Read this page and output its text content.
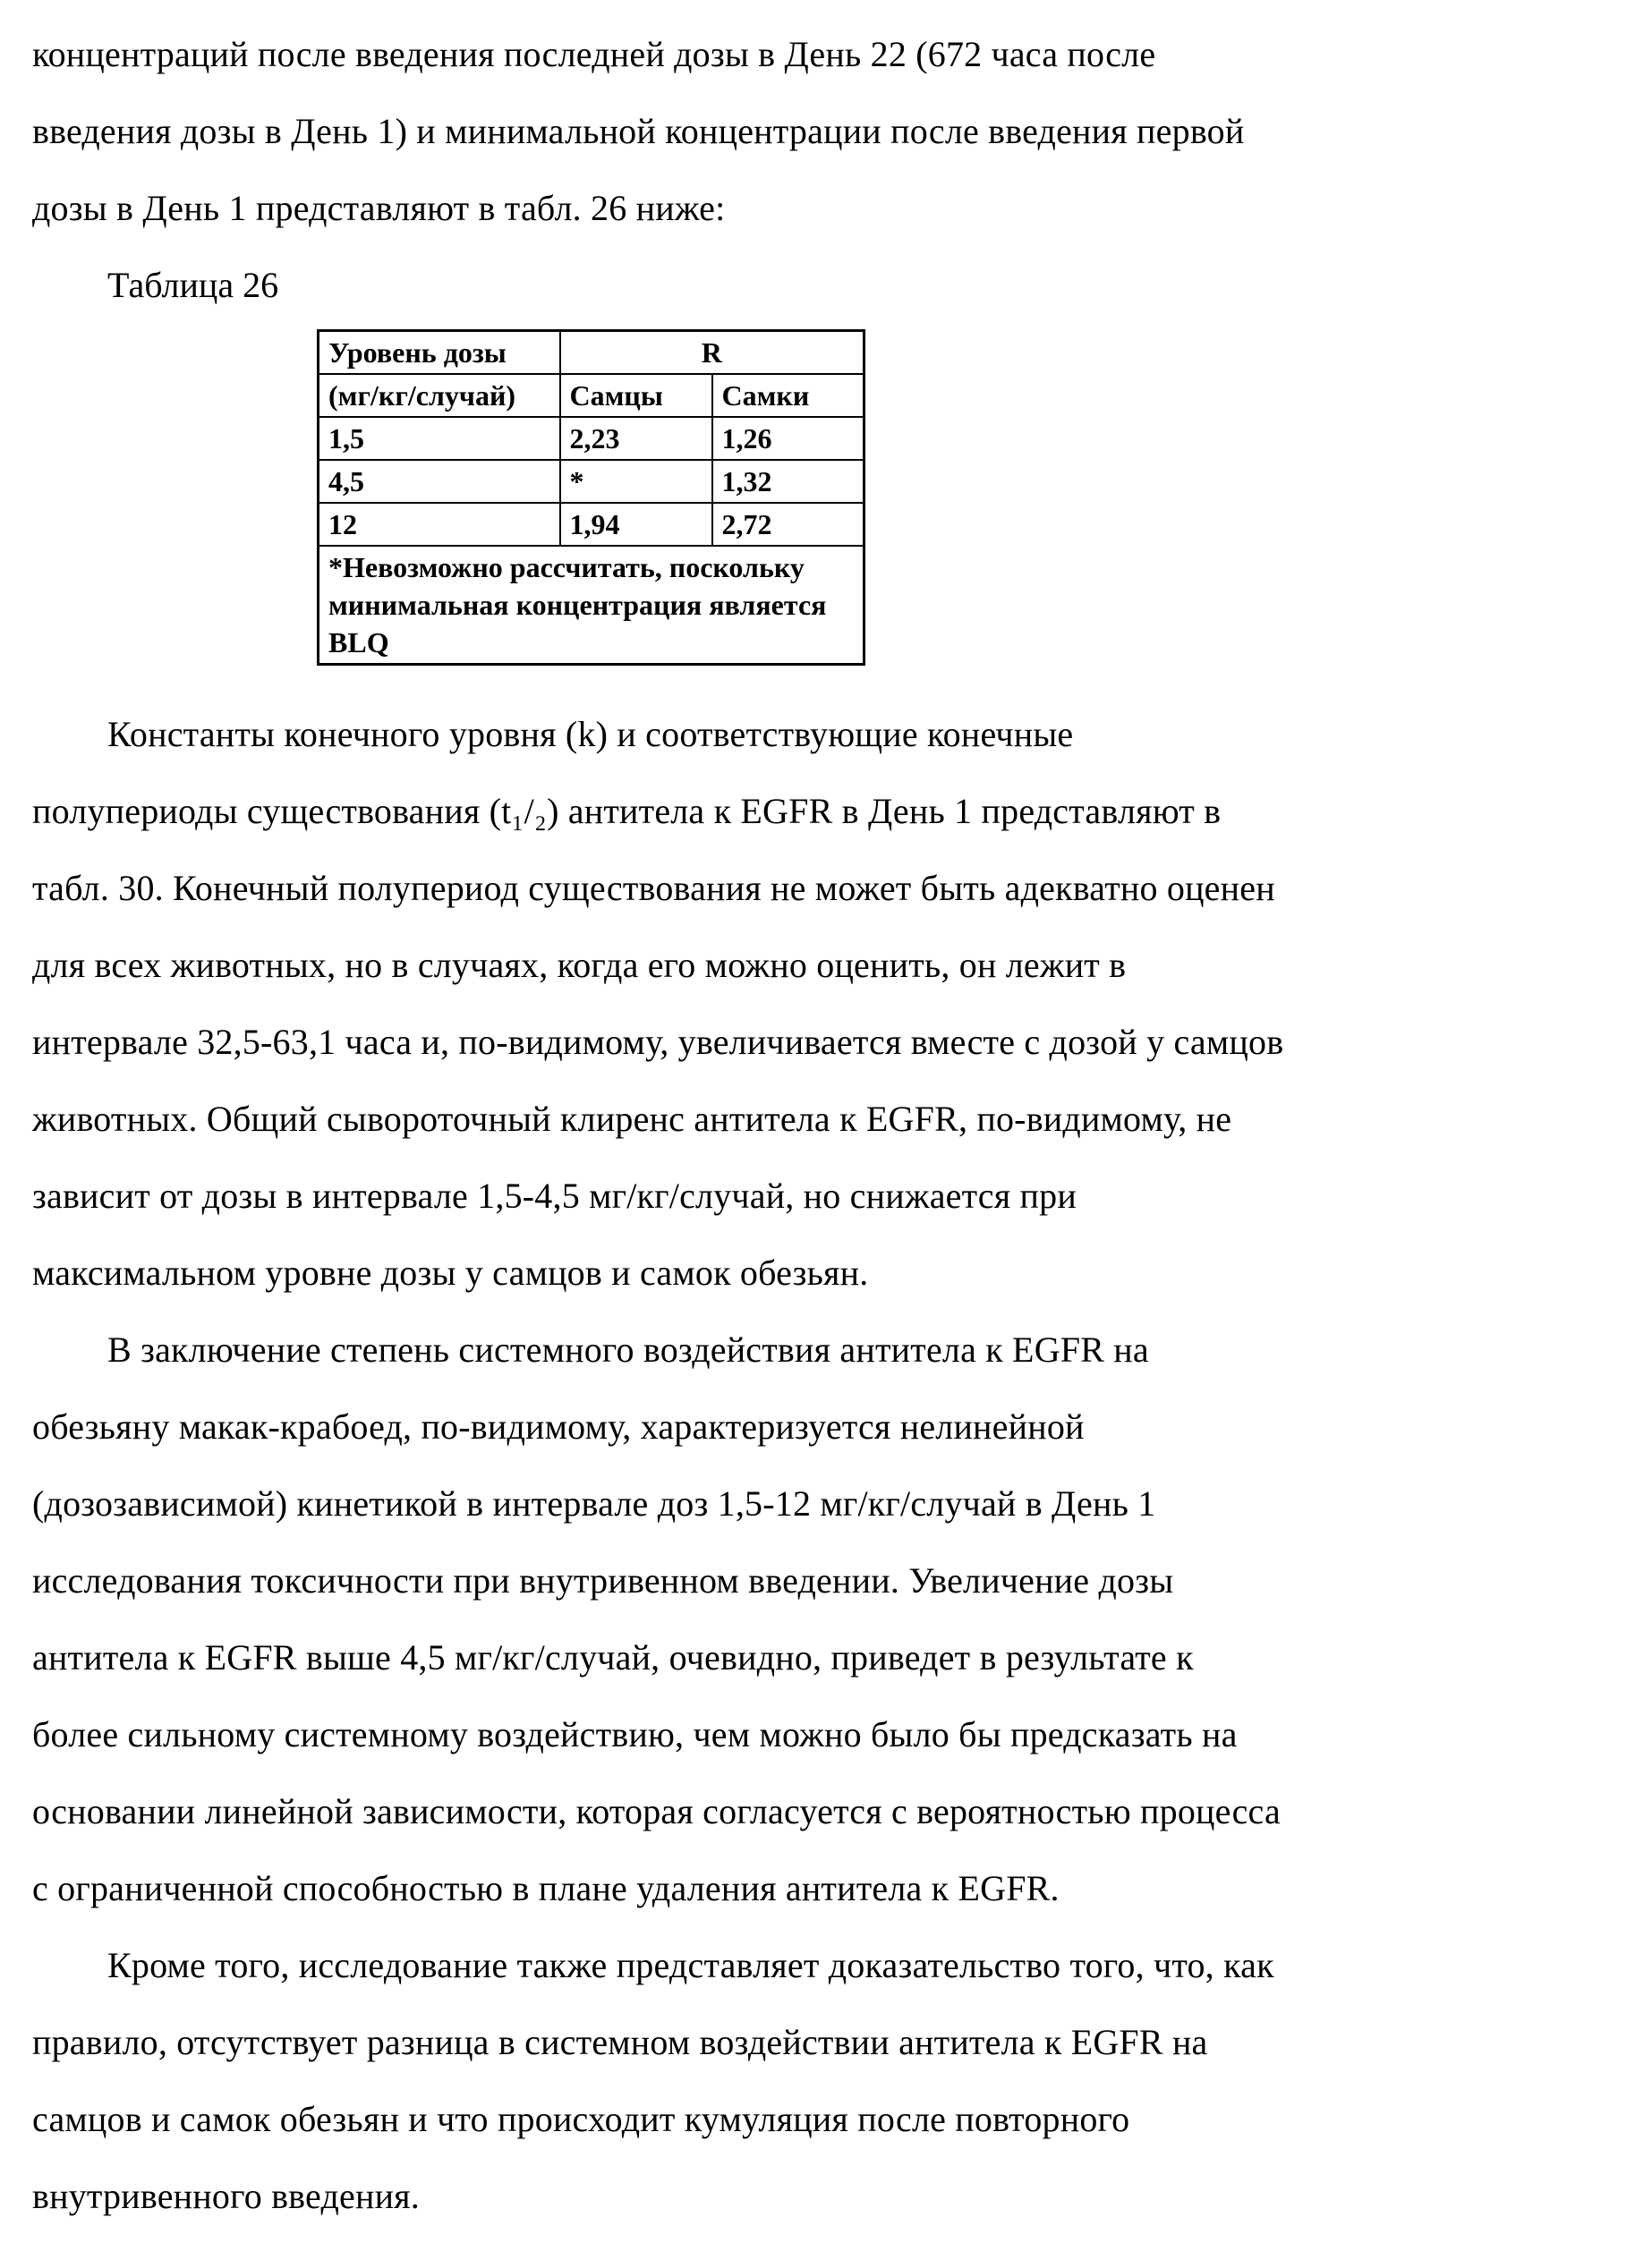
концентраций после введения последней дозы в День 22 (672 часа после
введения дозы в День 1) и минимальной концентрации после введения первой
дозы в День 1 представляют в табл. 26 ниже:
Таблица 26
Уровень дозы	R	
(мг/кг/случай)	Самцы	Самки
1,5	2,23	1,26
4,5	*	1,32
12	1,94	2,72

*Невозможно рассчитать, поскольку
минимальная концентрация является
BLQ		
Константы конечного уровня (k) и соответствующие конечные
полупериоды существования (t₁/₂) антитела к EGFR в День 1 представляют в
табл. 30. Конечный полупериод существования не может быть адекватно оценен
для всех животных, но в случаях, когда его можно оценить, он лежит в
интервале 32,5-63,1 часа и, по-видимому, увеличивается вместе с дозой у самцов
животных. Общий сывороточный клиренс антитела к EGFR, по-видимому, не
зависит от дозы в интервале 1,5-4,5 мг/кг/случай, но снижается при
максимальном уровне дозы у самцов и самок обезьян.
В заключение степень системного воздействия антитела к EGFR на
обезьяну макак-крабоед, по-видимому, характеризуется нелинейной
(дозозависимой) кинетикой в интервале доз 1,5-12 мг/кг/случай в День 1
исследования токсичности при внутривенном введении. Увеличение дозы
антитела к EGFR выше 4,5 мг/кг/случай, очевидно, приведет в результате к
более сильному системному воздействию, чем можно было бы предсказать на
основании линейной зависимости, которая согласуется с вероятностью процесса
с ограниченной способностью в плане удаления антитела к EGFR.
Кроме того, исследование также представляет доказательство того, что, как
правило, отсутствует разница в системном воздействии антитела к EGFR на
самцов и самок обезьян и что происходит кумуляция после повторного
внутривенного введения.
